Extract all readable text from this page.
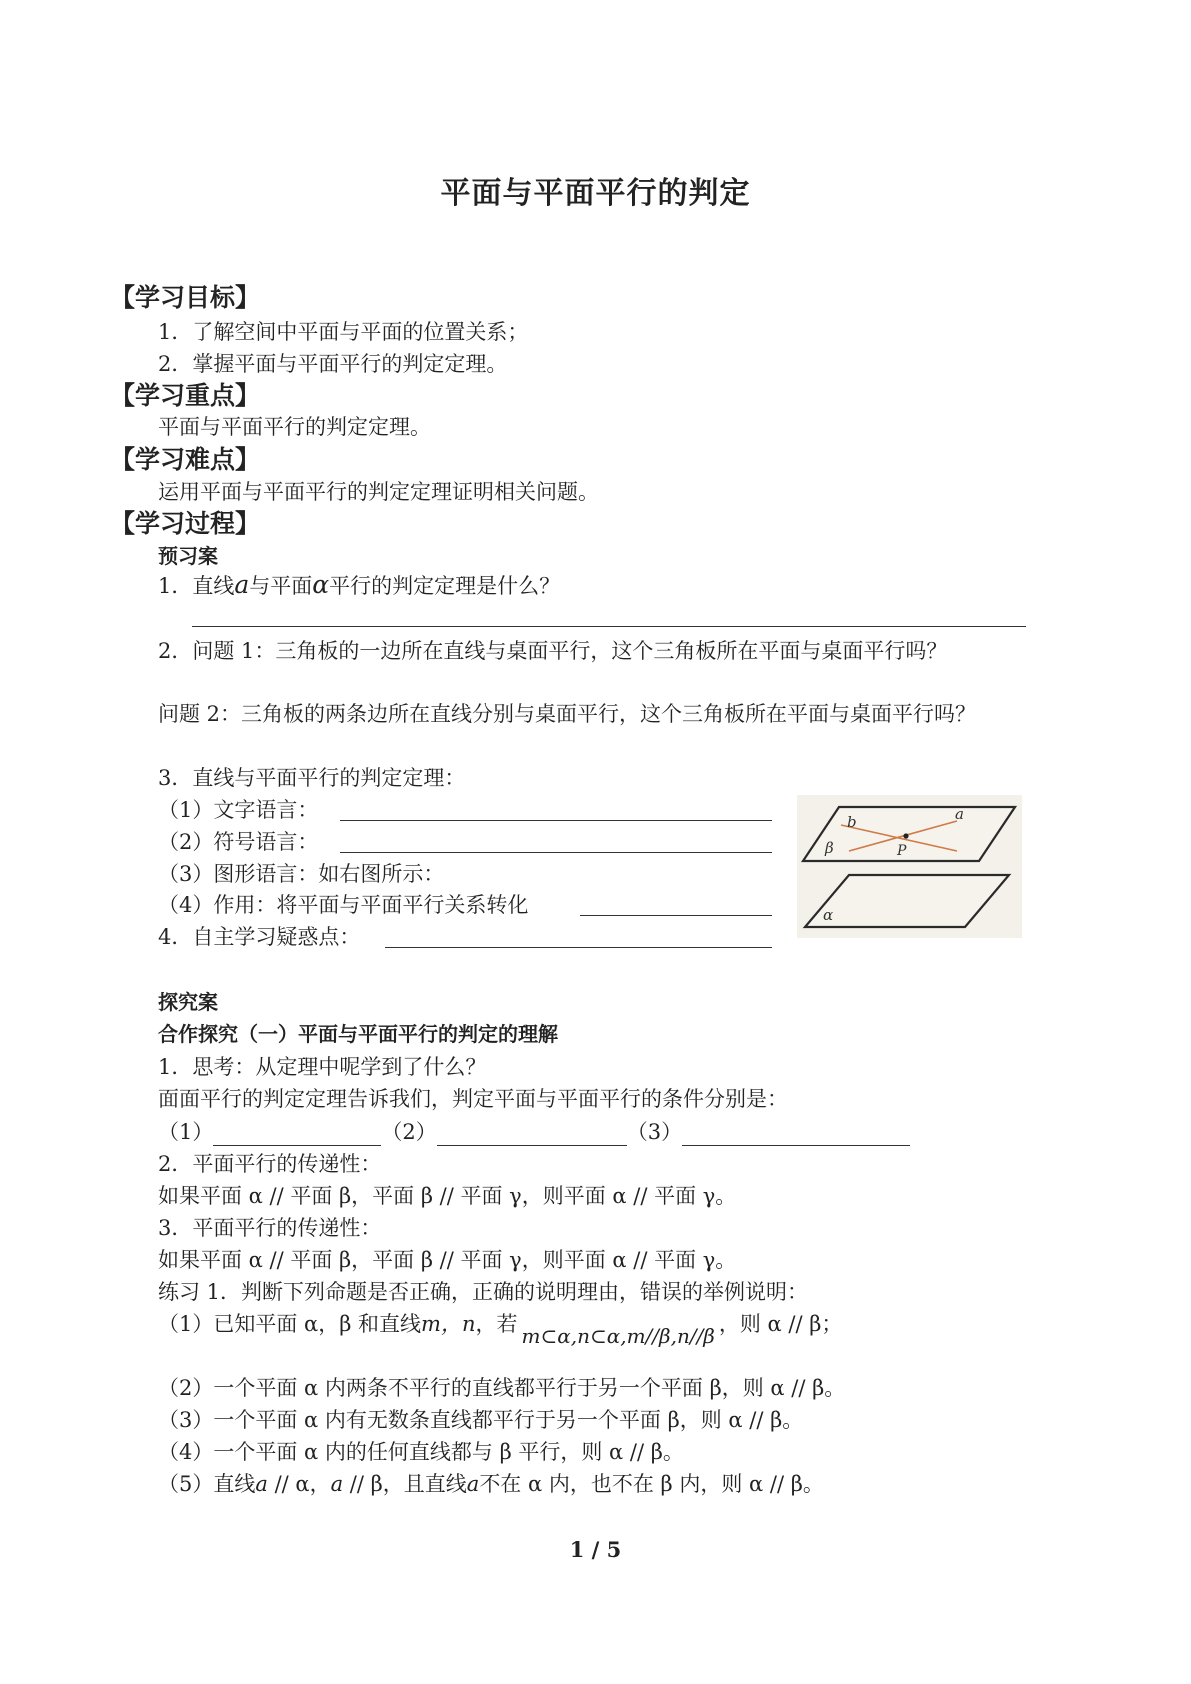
平面与平面平行的判定
【学习目标】
1．了解空间中平面与平面的位置关系；
2．掌握平面与平面平行的判定定理。
【学习重点】
平面与平面平行的判定定理。
【学习难点】
运用平面与平面平行的判定定理证明相关问题。
【学习过程】
预习案
1．直线a与平面α平行的判定定理是什么？
2．问题 1：三角板的一边所在直线与桌面平行，这个三角板所在平面与桌面平行吗？
问题 2：三角板的两条边所在直线分别与桌面平行，这个三角板所在平面与桌面平行吗？
3．直线与平面平行的判定定理：
（1）文字语言：
（2）符号语言：
（3）图形语言：如右图所示：
（4）作用：将平面与平面平行关系转化
4．自主学习疑惑点：
b	a
β	P
α
探究案
合作探究（一）平面与平面平行的判定的理解
1．思考：从定理中呢学到了什么？
面面平行的判定定理告诉我们，判定平面与平面平行的条件分别是：
（1）	（2）	（3）
2．平面平行的传递性：
如果平面 α // 平面 β，平面 β // 平面 γ，则平面 α // 平面 γ。
3．平面平行的传递性：
如果平面 α // 平面 β，平面 β // 平面 γ，则平面 α // 平面 γ。
练习 1．判断下列命题是否正确，正确的说明理由，错误的举例说明：
（1）已知平面 α，β 和直线m，n，若 m⊂α,n⊂α,m//β,n//β ，则 α // β；
（2）一个平面 α 内两条不平行的直线都平行于另一个平面 β，则 α // β。
（3）一个平面 α 内有无数条直线都平行于另一个平面 β，则 α // β。
（4）一个平面 α 内的任何直线都与 β 平行，则 α // β。
（5）直线a // α，a // β，且直线a不在 α 内，也不在 β 内，则 α // β。
1 / 5
